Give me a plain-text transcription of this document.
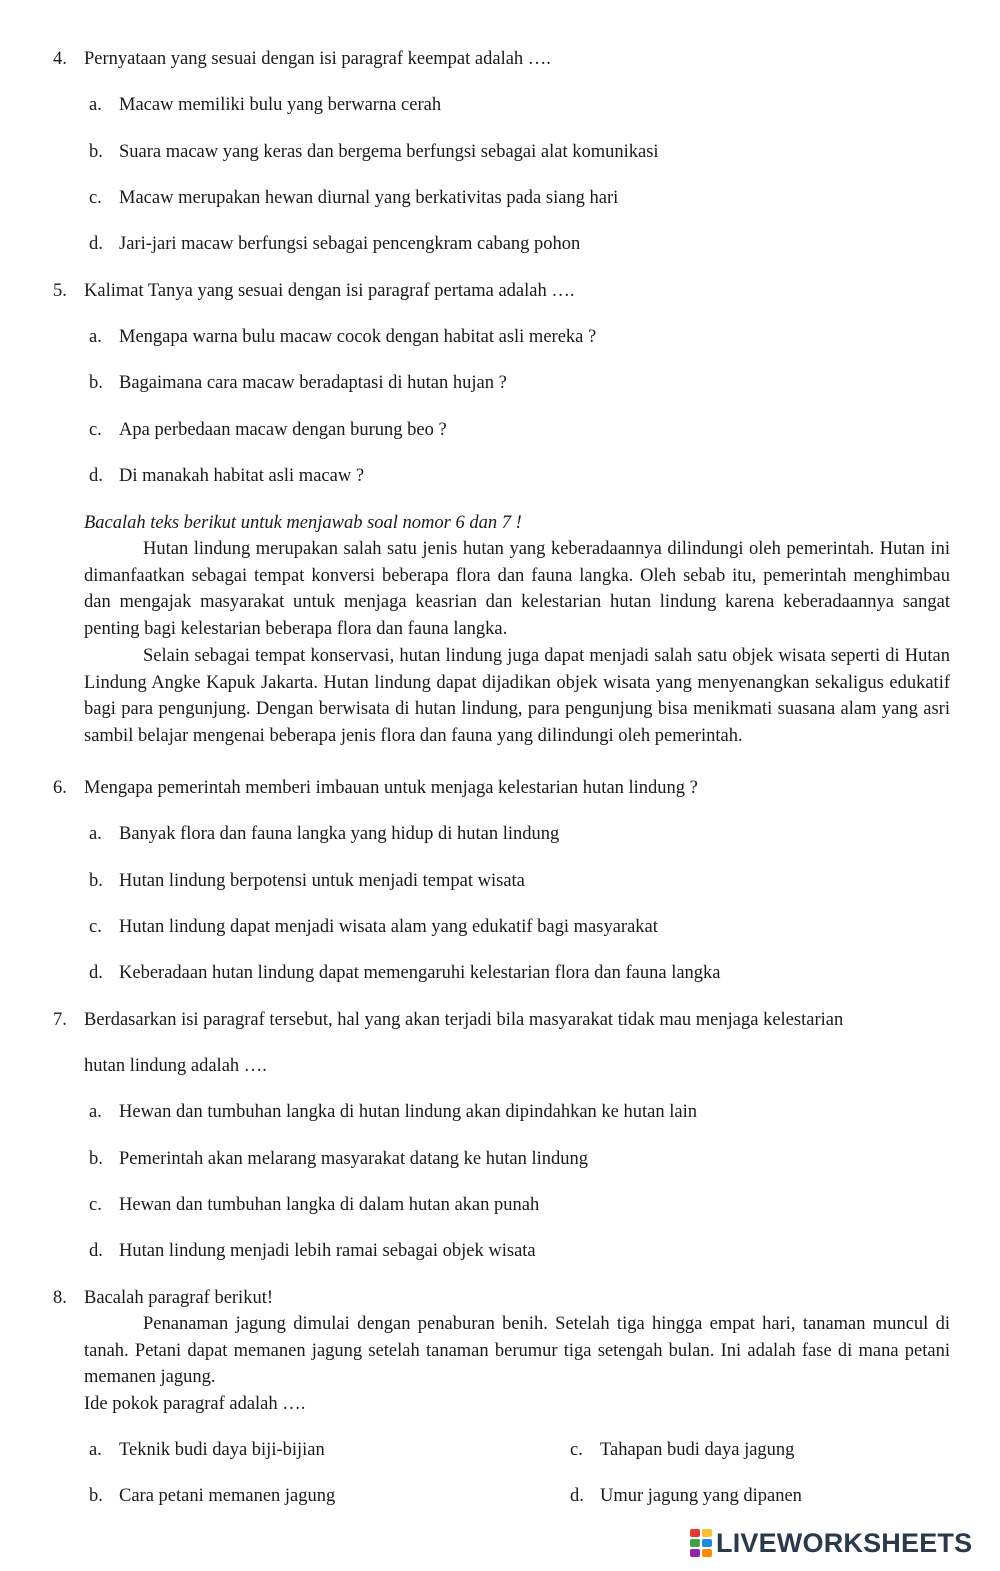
4. Pernyataan yang sesuai dengan isi paragraf keempat adalah ….
a. Macaw memiliki bulu yang berwarna cerah
b. Suara macaw yang keras dan bergema berfungsi sebagai alat komunikasi
c. Macaw merupakan hewan diurnal yang berkativitas pada siang hari
d. Jari-jari macaw berfungsi sebagai pencengkram cabang pohon
5. Kalimat Tanya yang sesuai dengan isi paragraf pertama adalah ….
a. Mengapa warna bulu macaw cocok dengan habitat asli mereka ?
b. Bagaimana cara macaw beradaptasi di hutan hujan ?
c. Apa perbedaan macaw dengan burung beo ?
d. Di manakah habitat asli macaw ?
Bacalah teks berikut untuk menjawab soal nomor 6 dan 7 !
Hutan lindung merupakan salah satu jenis hutan yang keberadaannya dilindungi oleh pemerintah. Hutan ini dimanfaatkan sebagai tempat konversi beberapa flora dan fauna langka. Oleh sebab itu, pemerintah menghimbau dan mengajak masyarakat untuk menjaga keasrian dan kelestarian hutan lindung karena keberadaannya sangat penting bagi kelestarian beberapa flora dan fauna langka.
Selain sebagai tempat konservasi, hutan lindung juga dapat menjadi salah satu objek wisata seperti di Hutan Lindung Angke Kapuk Jakarta. Hutan lindung dapat dijadikan objek wisata yang menyenangkan sekaligus edukatif bagi para pengunjung. Dengan berwisata di hutan lindung, para pengunjung bisa menikmati suasana alam yang asri sambil belajar mengenai beberapa jenis flora dan fauna yang dilindungi oleh pemerintah.
6. Mengapa pemerintah memberi imbauan untuk menjaga kelestarian hutan lindung ?
a. Banyak flora dan fauna langka yang hidup di hutan lindung
b. Hutan lindung berpotensi untuk menjadi tempat wisata
c. Hutan lindung dapat menjadi wisata alam yang edukatif bagi masyarakat
d. Keberadaan hutan lindung dapat memengaruhi kelestarian flora dan fauna langka
7. Berdasarkan isi paragraf tersebut, hal yang akan terjadi bila masyarakat tidak mau menjaga kelestarian
hutan lindung adalah ….
a. Hewan dan tumbuhan langka di hutan lindung akan dipindahkan ke hutan lain
b. Pemerintah akan melarang masyarakat datang ke hutan lindung
c. Hewan dan tumbuhan langka di dalam hutan akan punah
d. Hutan lindung menjadi lebih ramai sebagai objek wisata
8. Bacalah paragraf berikut!
Penanaman jagung dimulai dengan penaburan benih. Setelah tiga hingga empat hari, tanaman muncul di tanah. Petani dapat memanen jagung setelah tanaman berumur tiga setengah bulan. Ini adalah fase di mana petani memanen jagung.
Ide pokok paragraf adalah ….
a. Teknik budi daya biji-bijian
b. Cara petani memanen jagung
c. Tahapan budi daya jagung
d. Umur jagung yang dipanen
LIVEWORKSHEETS
